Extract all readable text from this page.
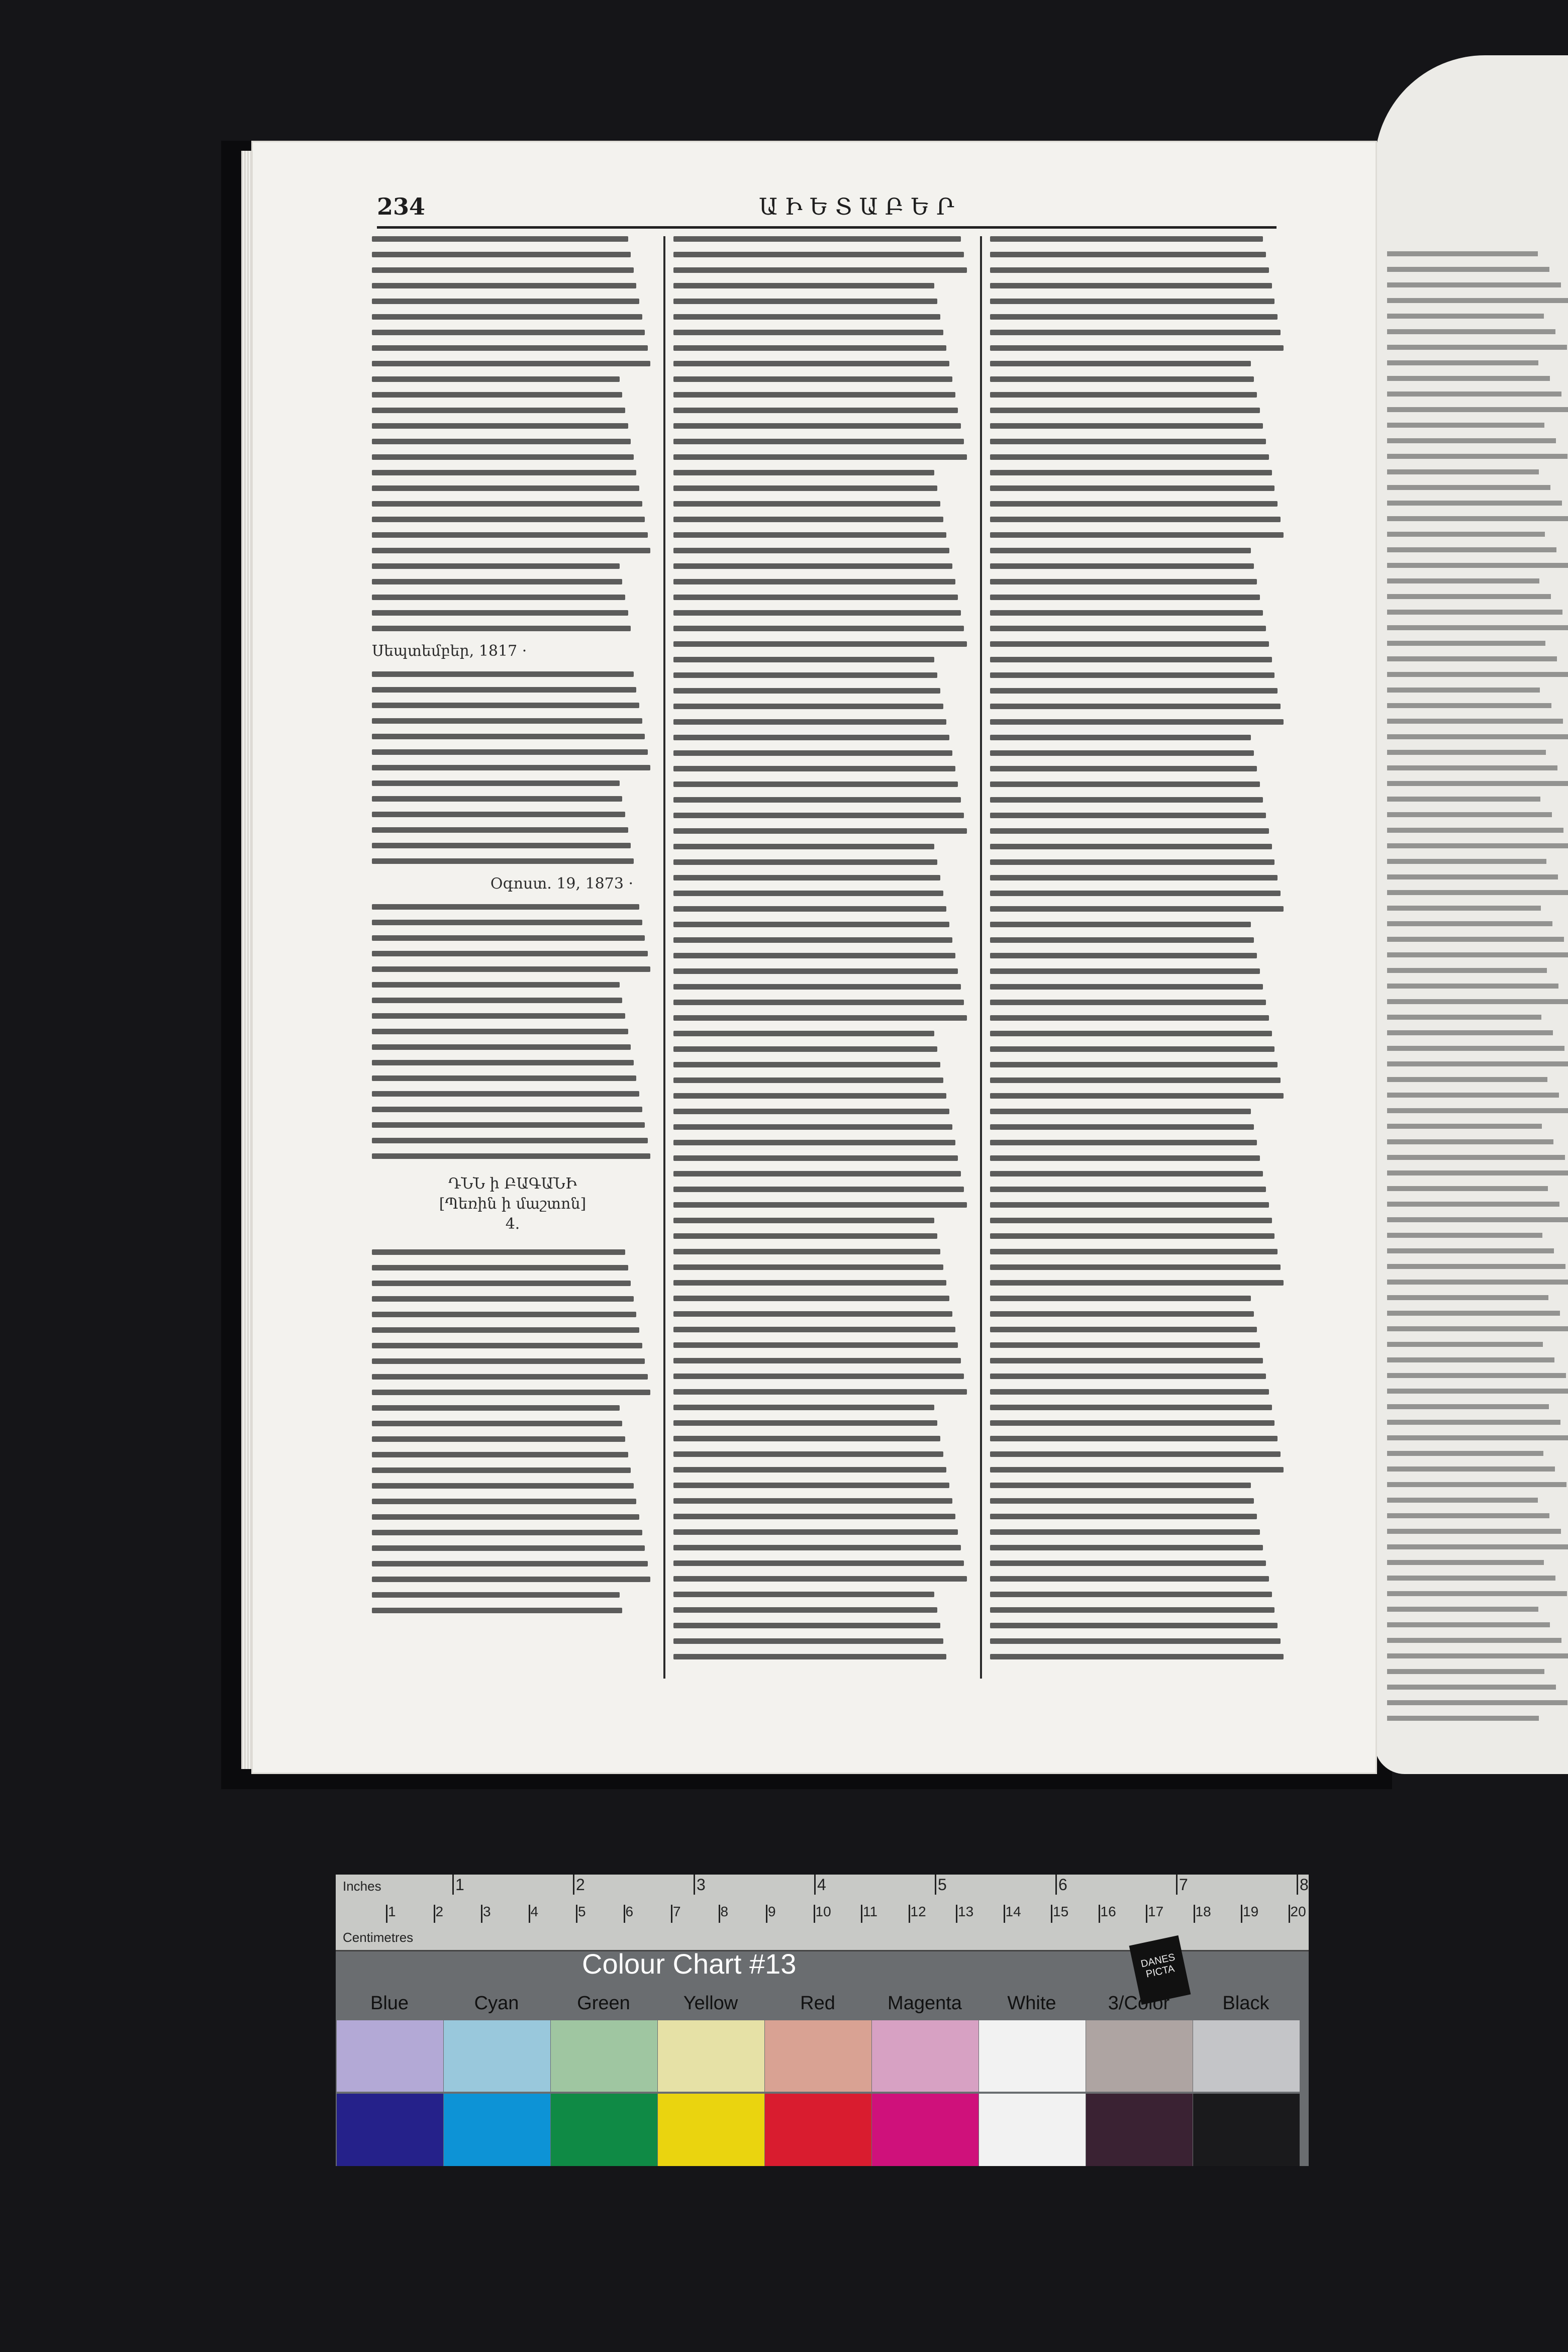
234	ԱԻԵՏԱԲԵՐ
Սեպտեմբեր, 1817 ·
Օգոստ. 19, 1873 ·
ԴՆՆ ի ԲԱԳԱՆԻ
[Պեռին ի մաշտոն]
4.
Inches
Centimetres
1	2	3	4	5	6	7	8
1	2	3	4	5	6	7	8	9	10 11 12 13 14 15 16 17 18 19 20
Colour Chart #13	DANES PICTA
Blue	Cyan	Green	Yellow	Red	Magenta	White	3/Color	Black
